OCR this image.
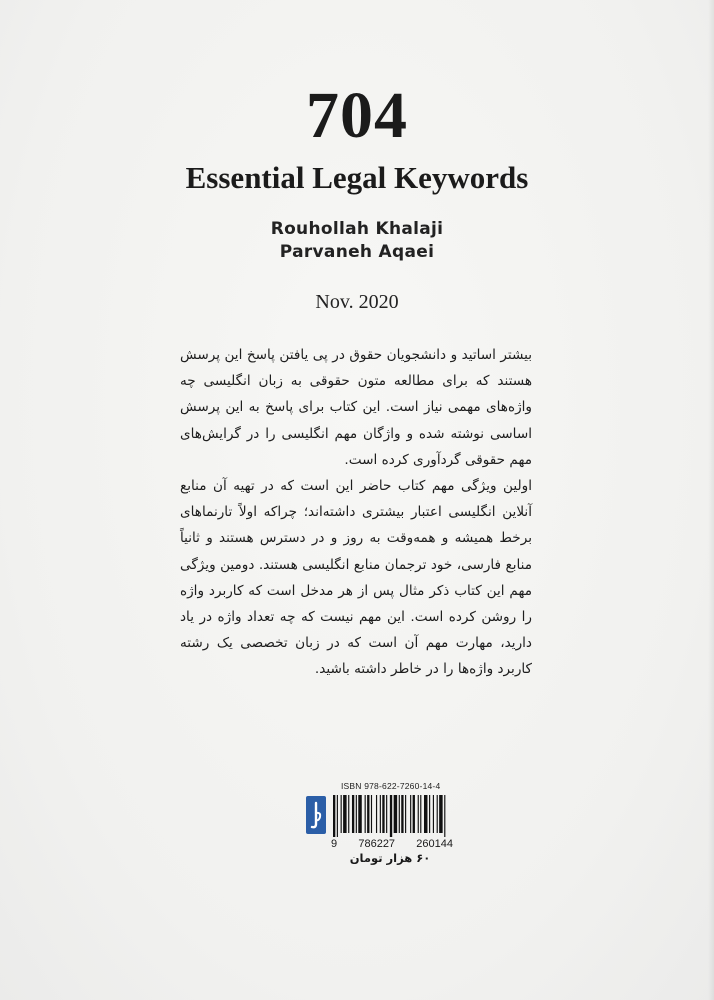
704
Essential Legal Keywords
Rouhollah Khalaji
Parvaneh Aqaei
Nov. 2020

بیشتر اساتید و دانشجویان حقوق در پی یافتن پاسخ این پرسش هستند که برای مطالعه متون حقوقی به زبان انگلیسی چه واژه‌های مهمی نیاز است. این کتاب برای پاسخ به این پرسش اساسی نوشته شده و واژگان مهم انگلیسی را در گرایش‌های مهم حقوقی گردآوری کرده است.

اولین ویژگی مهم کتاب حاضر این است که در تهیه آن منابع آنلاین انگلیسی اعتبار بیشتری داشته‌اند؛ چراکه اولاً تارنماهای برخط همیشه و همه‌وقت به روز و در دسترس هستند و ثانیاً منابع فارسی، خود ترجمان منابع انگلیسی هستند. دومین ویژگی مهم این کتاب ذکر مثال پس از هر مدخل است که کاربرد واژه را روشن کرده است. این مهم نیست که چه تعداد واژه در یاد دارید، مهارت مهم آن است که در زبان تخصصی یک رشته کاربرد واژه‌ها را در خاطر داشته باشید.

ISBN 978-622-7260-14-4
9 786227 260144
۶۰ هزار تومان
